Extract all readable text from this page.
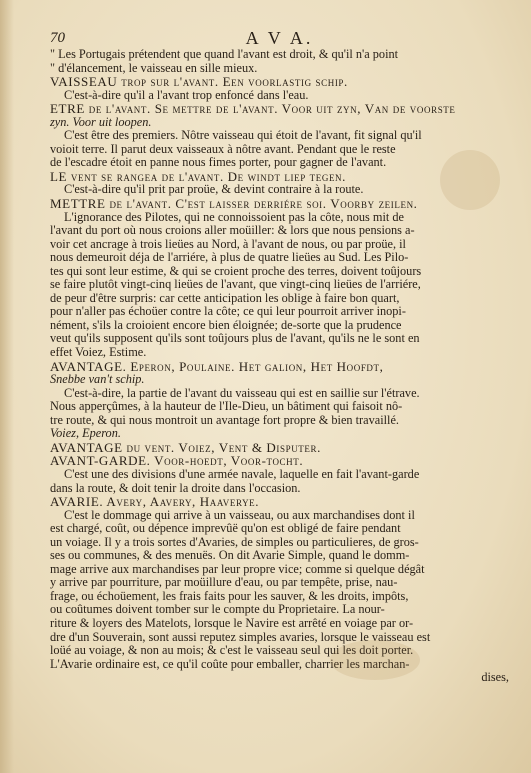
70	A V A.

" Les Portugais prétendent que quand l'avant est droit, & qu'il n'a point

" d'élancement, le vaisseau en sille mieux.

VAISSEAU trop sur l'avant. Een voorlastig schip.

C'est-à-dire qu'il a l'avant trop enfoncé dans l'eau.

ETRE de l'avant. Se mettre de l'avant. Voor uit zyn, Van de voorste

zyn. Voor uit loopen.

C'est être des premiers. Nôtre vaisseau qui étoit de l'avant, fit signal qu'il

voioit terre. Il parut deux vaisseaux à nôtre avant. Pendant que le reste

de l'escadre étoit en panne nous fimes porter, pour gagner de l'avant.

LE vent se rangea de l'avant. De windt liep tegen.

C'est-à-dire qu'il prit par proüe, & devint contraire à la route.

METTRE de l'avant. C'est laisser derriére soi. Voorby zeilen.

L'ignorance des Pilotes, qui ne connoissoient pas la côte, nous mit de

l'avant du port où nous croions aller moüiller: & lors que nous pensions a-

voir cet ancrage à trois lieües au Nord, à l'avant de nous, ou par proüe, il

nous demeuroit déja de l'arriére, à plus de quatre lieües au Sud. Les Pilo-

tes qui sont leur estime, & qui se croient proche des terres, doivent toûjours

se faire plutôt vingt-cinq lieües de l'avant, que vingt-cinq lieües de l'arriére,

de peur d'être surpris: car cette anticipation les oblige à faire bon quart,

pour n'aller pas échoüer contre la côte; ce qui leur pourroit arriver inopi-

nément, s'ils la croioient encore bien éloignée; de-sorte que la prudence

veut qu'ils supposent qu'ils sont toûjours plus de l'avant, qu'ils ne le sont en

effet Voiez, Estime.

AVANTAGE. Eperon, Poulaine. Het galion, Het Hoofdt,

Snebbe van't schip.

C'est-à-dire, la partie de l'avant du vaisseau qui est en saillie sur l'étrave.

Nous apperçûmes, à la hauteur de l'Ile-Dieu, un bâtiment qui faisoit nô-

tre route, & qui nous montroit un avantage fort propre & bien travaillé.

Voiez, Eperon.

AVANTAGE du vent. Voiez, Vent & Disputer.

AVANT-GARDE. Voor-hoedt, Voor-tocht.

C'est une des divisions d'une armée navale, laquelle en fait l'avant-garde

dans la route, & doit tenir la droite dans l'occasion.

AVARIE. Avery, Aavery, Haaverye.

C'est le dommage qui arrive à un vaisseau, ou aux marchandises dont il

est chargé, coût, ou dépence imprevûë qu'on est obligé de faire pendant

un voiage. Il y a trois sortes d'Avaries, de simples ou particulieres, de gros-

ses ou communes, & des menuës. On dit Avarie Simple, quand le domm-

mage arrive aux marchandises par leur propre vice; comme si quelque dégât

y arrive par pourriture, par moüillure d'eau, ou par tempête, prise, nau-

frage, ou échoüement, les frais faits pour les sauver, & les droits, impôts,

ou coûtumes doivent tomber sur le compte du Proprietaire. La nour-

riture & loyers des Matelots, lorsque le Navire est arrêté en voiage par or-

dre d'un Souverain, sont aussi reputez simples avaries, lorsque le vaisseau est

loüé au voiage, & non au mois; & c'est le vaisseau seul qui les doit porter.

L'Avarie ordinaire est, ce qu'il coûte pour emballer, charrier les marchan-

dises,
